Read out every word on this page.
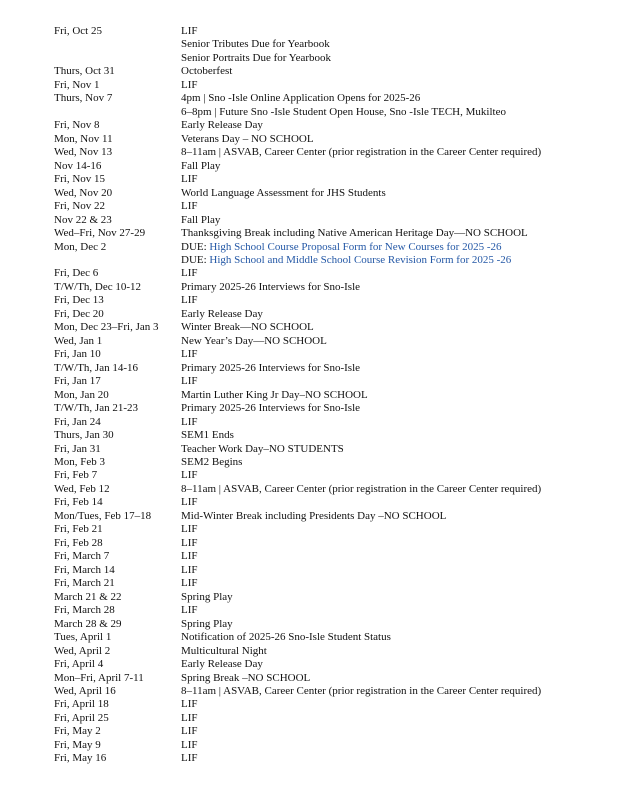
Fri, Oct 25	LIF
Senior Tributes Due for Yearbook
Senior Portraits Due for Yearbook
Thurs, Oct 31	Octoberfest
Fri, Nov 1	LIF
Thurs, Nov 7	4pm | Sno -Isle Online Application Opens for 2025-26
6–8pm | Future Sno -Isle Student Open House, Sno -Isle TECH, Mukilteo
Fri, Nov 8	Early Release Day
Mon, Nov 11	Veterans Day – NO SCHOOL
Wed, Nov 13	8–11am | ASVAB, Career Center (prior registration in the Career Center required)
Nov 14-16	Fall Play
Fri, Nov 15	LIF
Wed, Nov 20	World Language Assessment for JHS Students
Fri, Nov 22	LIF
Nov 22 & 23	Fall Play
Wed–Fri, Nov 27-29	Thanksgiving Break including Native American Heritage Day—NO SCHOOL
Mon, Dec 2	DUE: High School Course Proposal Form for New Courses for 2025 -26
DUE: High School and Middle School Course Revision Form for 2025 -26
Fri, Dec 6	LIF
T/W/Th, Dec 10-12	Primary 2025-26 Interviews for Sno-Isle
Fri, Dec 13	LIF
Fri, Dec 20	Early Release Day
Mon, Dec 23–Fri, Jan 3	Winter Break—NO SCHOOL
Wed, Jan 1	New Year’s Day—NO SCHOOL
Fri, Jan 10	LIF
T/W/Th, Jan 14-16	Primary 2025-26 Interviews for Sno-Isle
Fri, Jan 17	LIF
Mon, Jan 20	Martin Luther King Jr Day–NO SCHOOL
T/W/Th, Jan 21-23	Primary 2025-26 Interviews for Sno-Isle
Fri, Jan 24	LIF
Thurs, Jan 30	SEM1 Ends
Fri, Jan 31	Teacher Work Day–NO STUDENTS
Mon, Feb 3	SEM2 Begins
Fri, Feb 7	LIF
Wed, Feb 12	8–11am | ASVAB, Career Center (prior registration in the Career Center required)
Fri, Feb 14	LIF
Mon/Tues, Feb 17–18	Mid-Winter Break including Presidents Day –NO SCHOOL
Fri, Feb 21	LIF
Fri, Feb 28	LIF
Fri, March 7	LIF
Fri, March 14	LIF
Fri, March 21	LIF
March 21 & 22	Spring Play
Fri, March 28	LIF
March 28 & 29	Spring Play
Tues, April 1	Notification of 2025-26 Sno-Isle Student Status
Wed, April 2	Multicultural Night
Fri, April 4	Early Release Day
Mon–Fri, April 7-11	Spring Break –NO SCHOOL
Wed, April 16	8–11am | ASVAB, Career Center (prior registration in the Career Center required)
Fri, April 18	LIF
Fri, April 25	LIF
Fri, May 2	LIF
Fri, May 9	LIF
Fri, May 16	LIF
